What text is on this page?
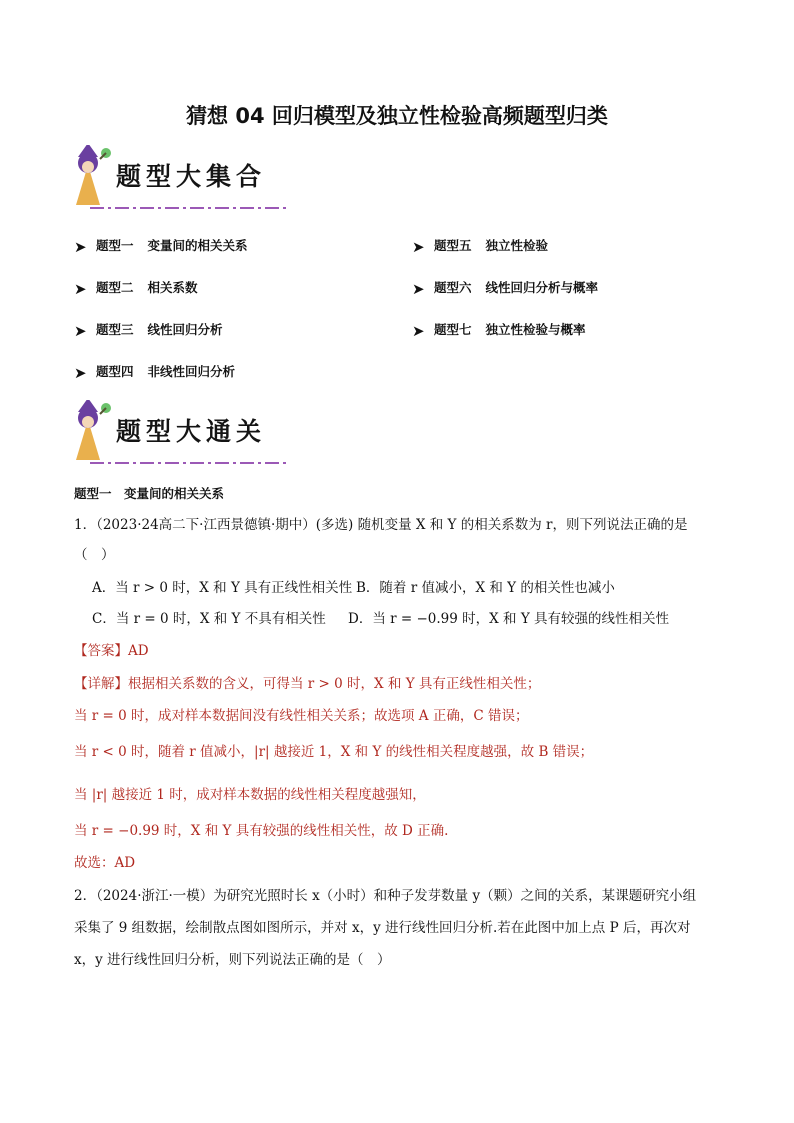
猜想 04 回归模型及独立性检验高频题型归类
题型大集合
➤ 题型一 变量间的相关关系
➤ 题型二 相关系数
➤ 题型三 线性回归分析
➤ 题型四 非线性回归分析
➤ 题型五 独立性检验
➤ 题型六 线性回归分析与概率
➤ 题型七 独立性检验与概率
题型大通关
题型一　变量间的相关关系
1．（2023·24高二下·江西景德镇·期中）(多选) 随机变量 X 和 Y 的相关系数为 r，则下列说法正确的是
（　）
A．当 r > 0 时，X 和 Y 具有正线性相关性 B．随着 r 值减小，X 和 Y 的相关性也减小
C．当 r = 0 时，X 和 Y 不具有相关性 D．当 r = −0.99 时，X 和 Y 具有较强的线性相关性
【答案】AD
【详解】根据相关系数的含义，可得当 r > 0 时，X 和 Y 具有正线性相关性；
当 r = 0 时，成对样本数据间没有线性相关关系；故选项 A 正确，C 错误；
当 r < 0 时，随着 r 值减小，|r| 越接近 1，X 和 Y 的线性相关程度越强，故 B 错误；
当 |r| 越接近 1 时，成对样本数据的线性相关程度越强知，
当 r = −0.99 时，X 和 Y 具有较强的线性相关性，故 D 正确.
故选：AD
2．（2024·浙江·一模）为研究光照时长 x（小时）和种子发芽数量 y（颗）之间的关系，某课题研究小组
采集了 9 组数据，绘制散点图如图所示，并对 x，y 进行线性回归分析.若在此图中加上点 P 后，再次对
x，y 进行线性回归分析，则下列说法正确的是（　）
